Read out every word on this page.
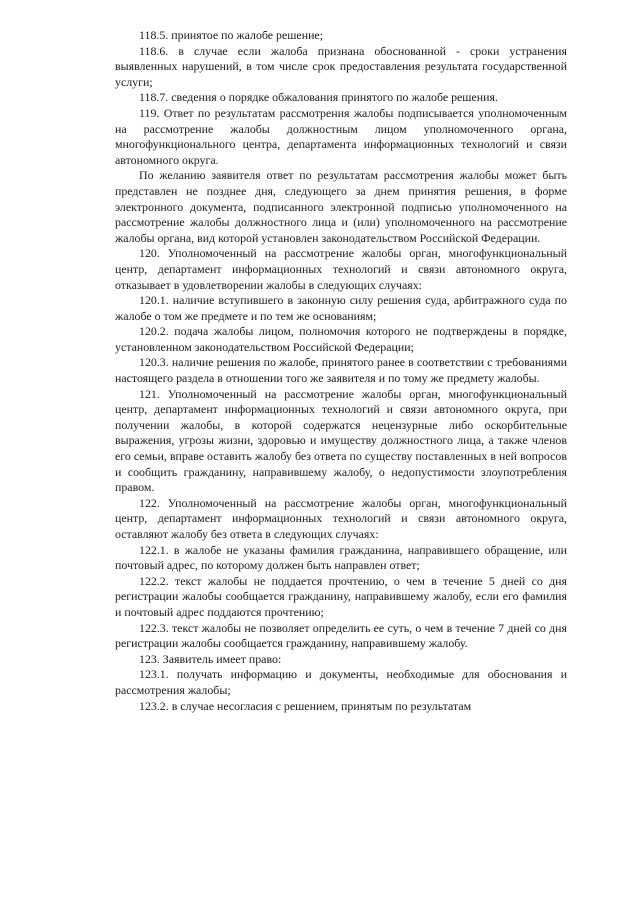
118.5. принятое по жалобе решение;

118.6. в случае если жалоба признана обоснованной - сроки устранения выявленных нарушений, в том числе срок предоставления результата государственной услуги;

118.7. сведения о порядке обжалования принятого по жалобе решения.

119. Ответ по результатам рассмотрения жалобы подписывается уполномоченным на рассмотрение жалобы должностным лицом уполномоченного органа, многофункционального центра, департамента информационных технологий и связи автономного округа.

По желанию заявителя ответ по результатам рассмотрения жалобы может быть представлен не позднее дня, следующего за днем принятия решения, в форме электронного документа, подписанного электронной подписью уполномоченного на рассмотрение жалобы должностного лица и (или) уполномоченного на рассмотрение жалобы органа, вид которой установлен законодательством Российской Федерации.

120. Уполномоченный на рассмотрение жалобы орган, многофункциональный центр, департамент информационных технологий и связи автономного округа, отказывает в удовлетворении жалобы в следующих случаях:

120.1. наличие вступившего в законную силу решения суда, арбитражного суда по жалобе о том же предмете и по тем же основаниям;

120.2. подача жалобы лицом, полномочия которого не подтверждены в порядке, установленном законодательством Российской Федерации;

120.3. наличие решения по жалобе, принятого ранее в соответствии с требованиями настоящего раздела в отношении того же заявителя и по тому же предмету жалобы.

121. Уполномоченный на рассмотрение жалобы орган, многофункциональный центр, департамент информационных технологий и связи автономного округа, при получении жалобы, в которой содержатся нецензурные либо оскорбительные выражения, угрозы жизни, здоровью и имуществу должностного лица, а также членов его семьи, вправе оставить жалобу без ответа по существу поставленных в ней вопросов и сообщить гражданину, направившему жалобу, о недопустимости злоупотребления правом.

122. Уполномоченный на рассмотрение жалобы орган, многофункциональный центр, департамент информационных технологий и связи автономного округа, оставляют жалобу без ответа в следующих случаях:

122.1. в жалобе не указаны фамилия гражданина, направившего обращение, или почтовый адрес, по которому должен быть направлен ответ;

122.2. текст жалобы не поддается прочтению, о чем в течение 5 дней со дня регистрации жалобы сообщается гражданину, направившему жалобу, если его фамилия и почтовый адрес поддаются прочтению;

122.3. текст жалобы не позволяет определить ее суть, о чем в течение 7 дней со дня регистрации жалобы сообщается гражданину, направившему жалобу.

123. Заявитель имеет право:

123.1. получать информацию и документы, необходимые для обоснования и рассмотрения жалобы;

123.2. в случае несогласия с решением, принятым по результатам
